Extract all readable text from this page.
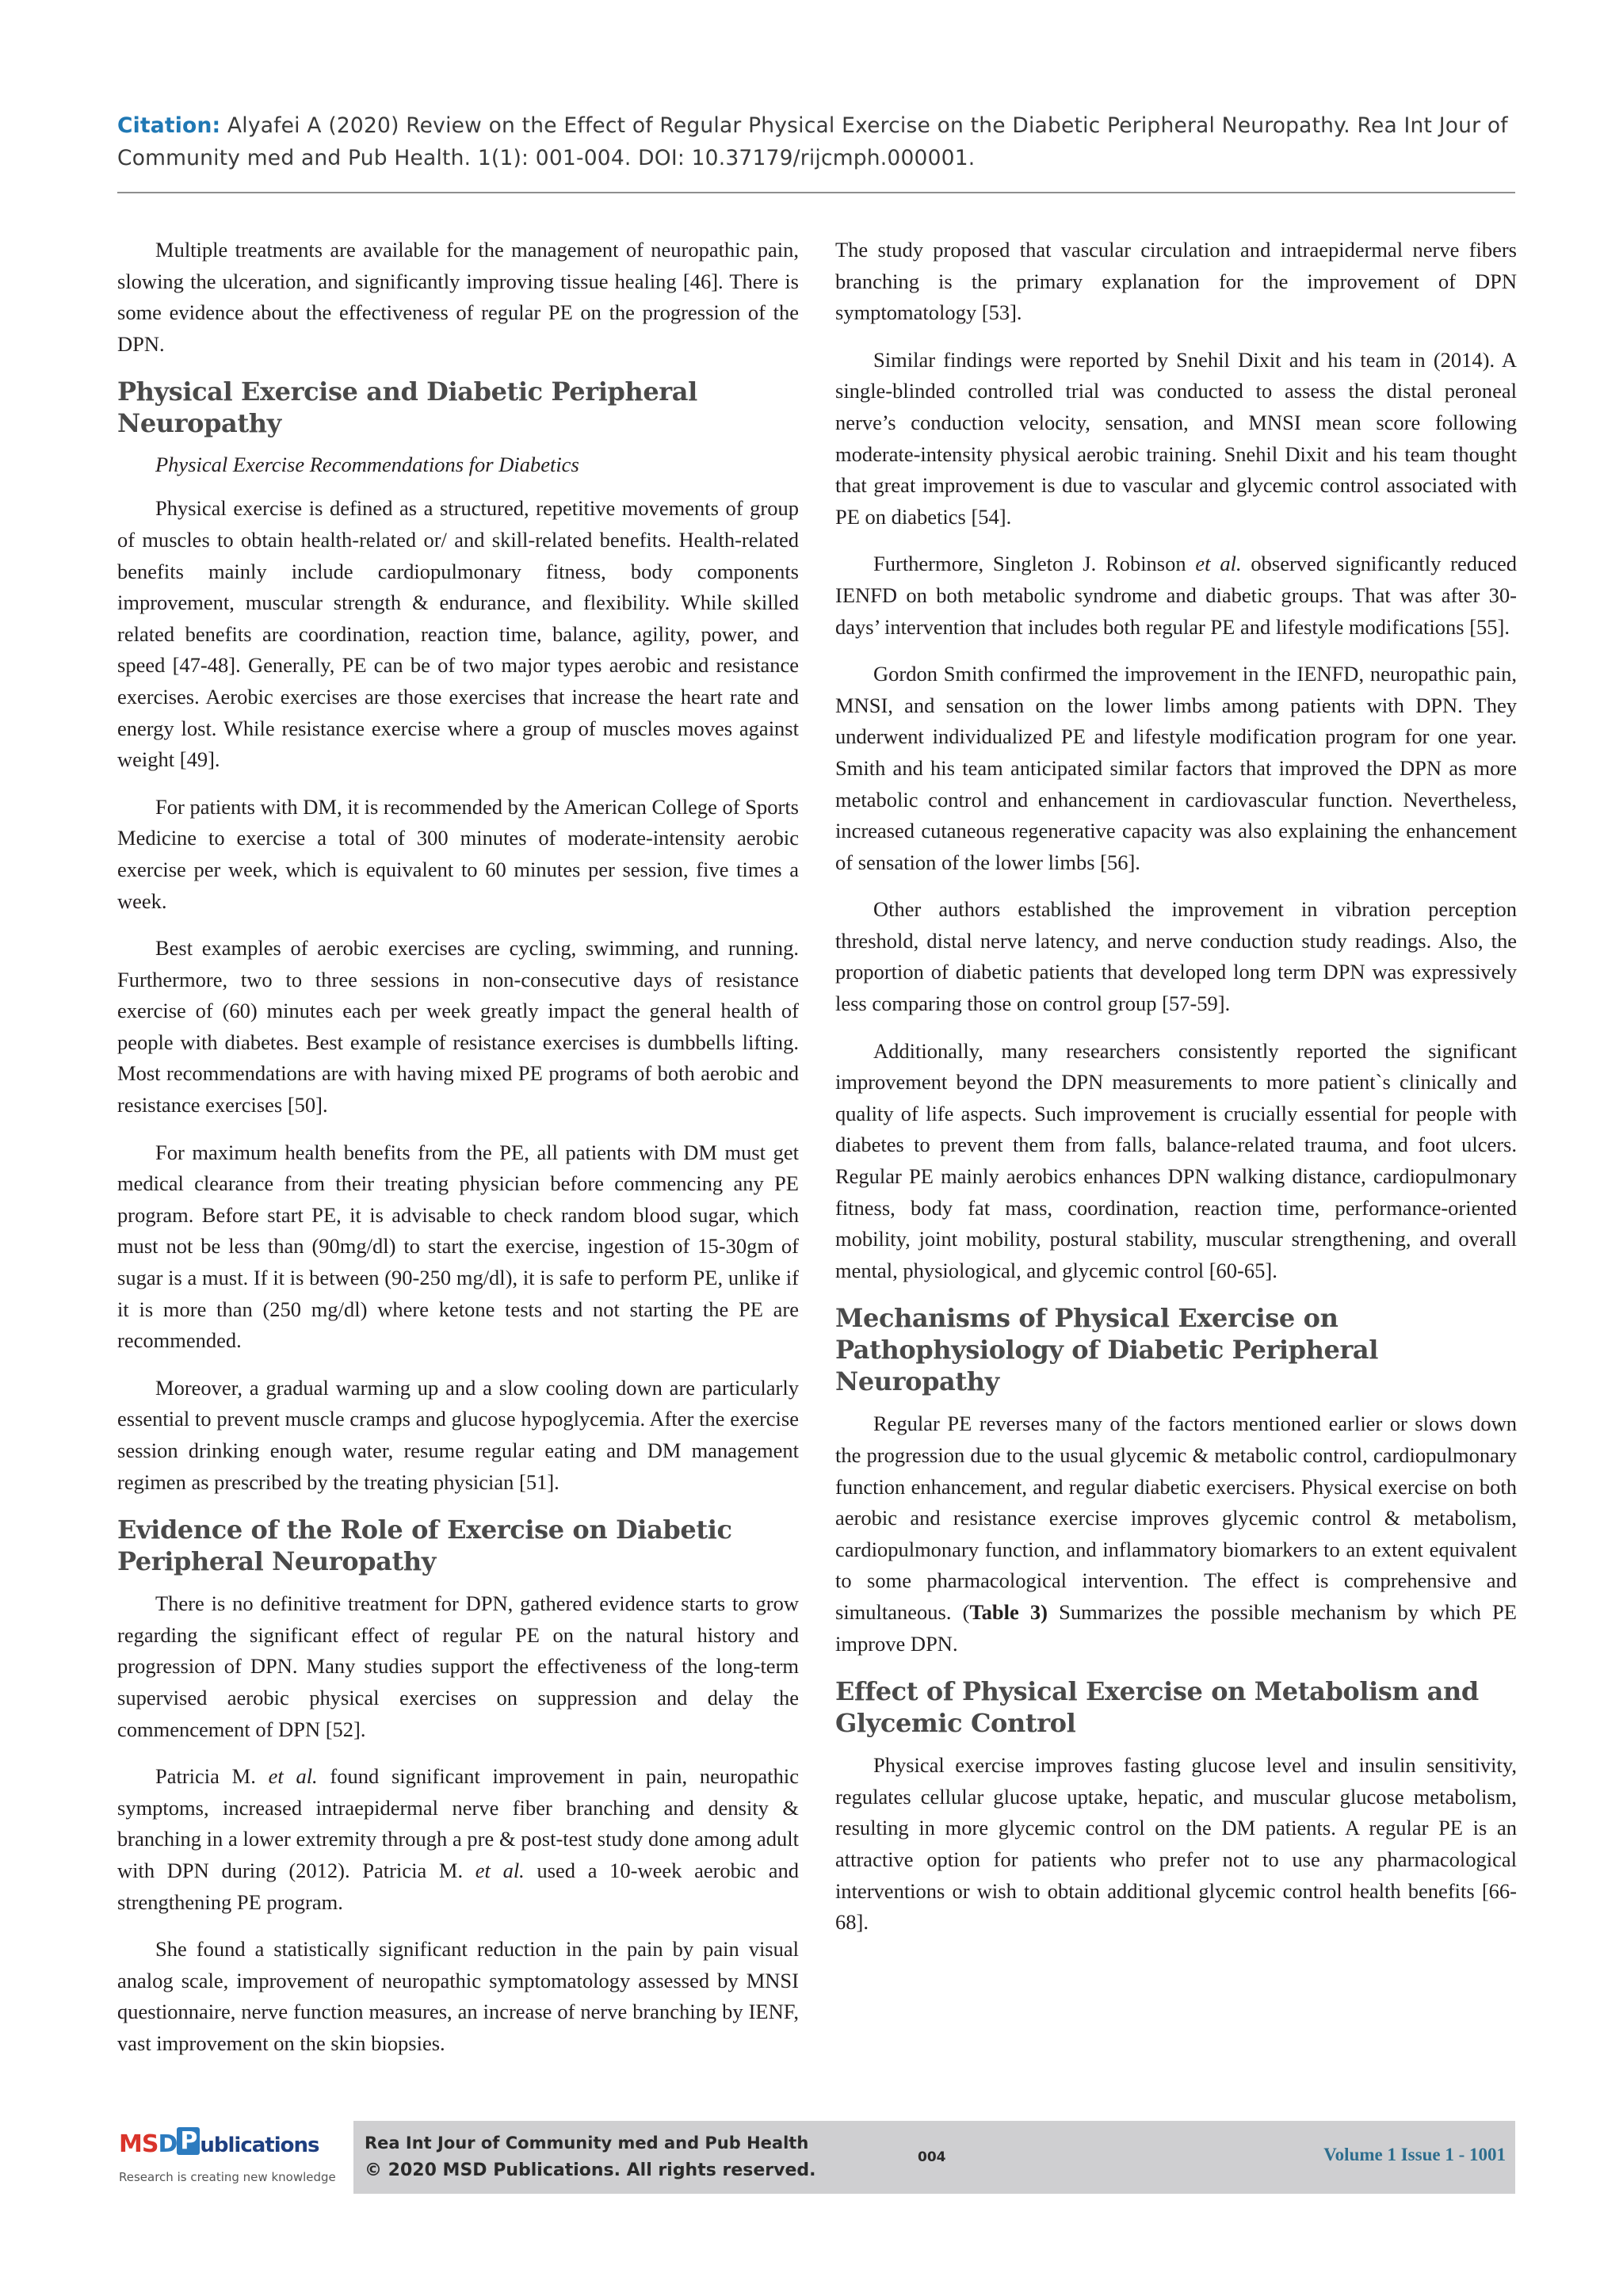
Citation: Alyafei A (2020) Review on the Effect of Regular Physical Exercise on the Diabetic Peripheral Neuropathy. Rea Int Jour of Community med and Pub Health. 1(1): 001-004. DOI: 10.37179/rijcmph.000001.

Multiple treatments are available for the management of neuropathic pain, slowing the ulceration, and significantly improving tissue healing [46]. There is some evidence about the effectiveness of regular PE on the progression of the DPN.

Physical Exercise and Diabetic Peripheral Neuropathy
Physical Exercise Recommendations for Diabetics

Physical exercise is defined as a structured, repetitive movements of group of muscles to obtain health-related or/ and skill-related benefits. Health-related benefits mainly include cardiopulmonary fitness, body components improvement, muscular strength & endurance, and flexibility. While skilled related benefits are coordination, reaction time, balance, agility, power, and speed [47-48]. Generally, PE can be of two major types aerobic and resistance exercises. Aerobic exercises are those exercises that increase the heart rate and energy lost. While resistance exercise where a group of muscles moves against weight [49].

For patients with DM, it is recommended by the American College of Sports Medicine to exercise a total of 300 minutes of moderate-intensity aerobic exercise per week, which is equivalent to 60 minutes per session, five times a week.

Best examples of aerobic exercises are cycling, swimming, and running. Furthermore, two to three sessions in non-consecutive days of resistance exercise of (60) minutes each per week greatly impact the general health of people with diabetes. Best example of resistance exercises is dumbbells lifting. Most recommendations are with having mixed PE programs of both aerobic and resistance exercises [50].

For maximum health benefits from the PE, all patients with DM must get medical clearance from their treating physician before commencing any PE program. Before start PE, it is advisable to check random blood sugar, which must not be less than (90mg/dl) to start the exercise, ingestion of 15-30gm of sugar is a must. If it is between (90-250 mg/dl), it is safe to perform PE, unlike if it is more than (250 mg/dl) where ketone tests and not starting the PE are recommended.

Moreover, a gradual warming up and a slow cooling down are particularly essential to prevent muscle cramps and glucose hypoglycemia. After the exercise session drinking enough water, resume regular eating and DM management regimen as prescribed by the treating physician [51].

Evidence of the Role of Exercise on Diabetic Peripheral Neuropathy

There is no definitive treatment for DPN, gathered evidence starts to grow regarding the significant effect of regular PE on the natural history and progression of DPN. Many studies support the effectiveness of the long-term supervised aerobic physical exercises on suppression and delay the commencement of DPN [52].

Patricia M. et al. found significant improvement in pain, neuropathic symptoms, increased intraepidermal nerve fiber branching and density & branching in a lower extremity through a pre & post-test study done among adult with DPN during (2012). Patricia M. et al. used a 10-week aerobic and strengthening PE program.

She found a statistically significant reduction in the pain by pain visual analog scale, improvement of neuropathic symptomatology assessed by MNSI questionnaire, nerve function measures, an increase of nerve branching by IENF, vast improvement on the skin biopsies.

The study proposed that vascular circulation and intraepidermal nerve fibers branching is the primary explanation for the improvement of DPN symptomatology [53].

Similar findings were reported by Snehil Dixit and his team in (2014). A single-blinded controlled trial was conducted to assess the distal peroneal nerve’s conduction velocity, sensation, and MNSI mean score following moderate-intensity physical aerobic training. Snehil Dixit and his team thought that great improvement is due to vascular and glycemic control associated with PE on diabetics [54].

Furthermore, Singleton J. Robinson et al. observed significantly reduced IENFD on both metabolic syndrome and diabetic groups. That was after 30- days’ intervention that includes both regular PE and lifestyle modifications [55].

Gordon Smith confirmed the improvement in the IENFD, neuropathic pain, MNSI, and sensation on the lower limbs among patients with DPN. They underwent individualized PE and lifestyle modification program for one year. Smith and his team anticipated similar factors that improved the DPN as more metabolic control and enhancement in cardiovascular function. Nevertheless, increased cutaneous regenerative capacity was also explaining the enhancement of sensation of the lower limbs [56].

Other authors established the improvement in vibration perception threshold, distal nerve latency, and nerve conduction study readings. Also, the proportion of diabetic patients that developed long term DPN was expressively less comparing those on control group [57-59].

Additionally, many researchers consistently reported the significant improvement beyond the DPN measurements to more patient`s clinically and quality of life aspects. Such improvement is crucially essential for people with diabetes to prevent them from falls, balance-related trauma, and foot ulcers. Regular PE mainly aerobics enhances DPN walking distance, cardiopulmonary fitness, body fat mass, coordination, reaction time, performance-oriented mobility, joint mobility, postural stability, muscular strengthening, and overall mental, physiological, and glycemic control [60-65].

Mechanisms of Physical Exercise on Pathophysiology of Diabetic Peripheral Neuropathy

Regular PE reverses many of the factors mentioned earlier or slows down the progression due to the usual glycemic & metabolic control, cardiopulmonary function enhancement, and regular diabetic exercisers. Physical exercise on both aerobic and resistance exercise improves glycemic control & metabolism, cardiopulmonary function, and inflammatory biomarkers to an extent equivalent to some pharmacological intervention. The effect is comprehensive and simultaneous. (Table 3) Summarizes the possible mechanism by which PE improve DPN.

Effect of Physical Exercise on Metabolism and Glycemic Control

Physical exercise improves fasting glucose level and insulin sensitivity, regulates cellular glucose uptake, hepatic, and muscular glucose metabolism, resulting in more glycemic control on the DM patients. A regular PE is an attractive option for patients who prefer not to use any pharmacological interventions or wish to obtain additional glycemic control health benefits [66-68].

MSD P ublications
Research is creating new knowledge
Rea Int Jour of Community med and Pub Health
© 2020 MSD Publications. All rights reserved.
004	Volume 1 Issue 1 - 1001
